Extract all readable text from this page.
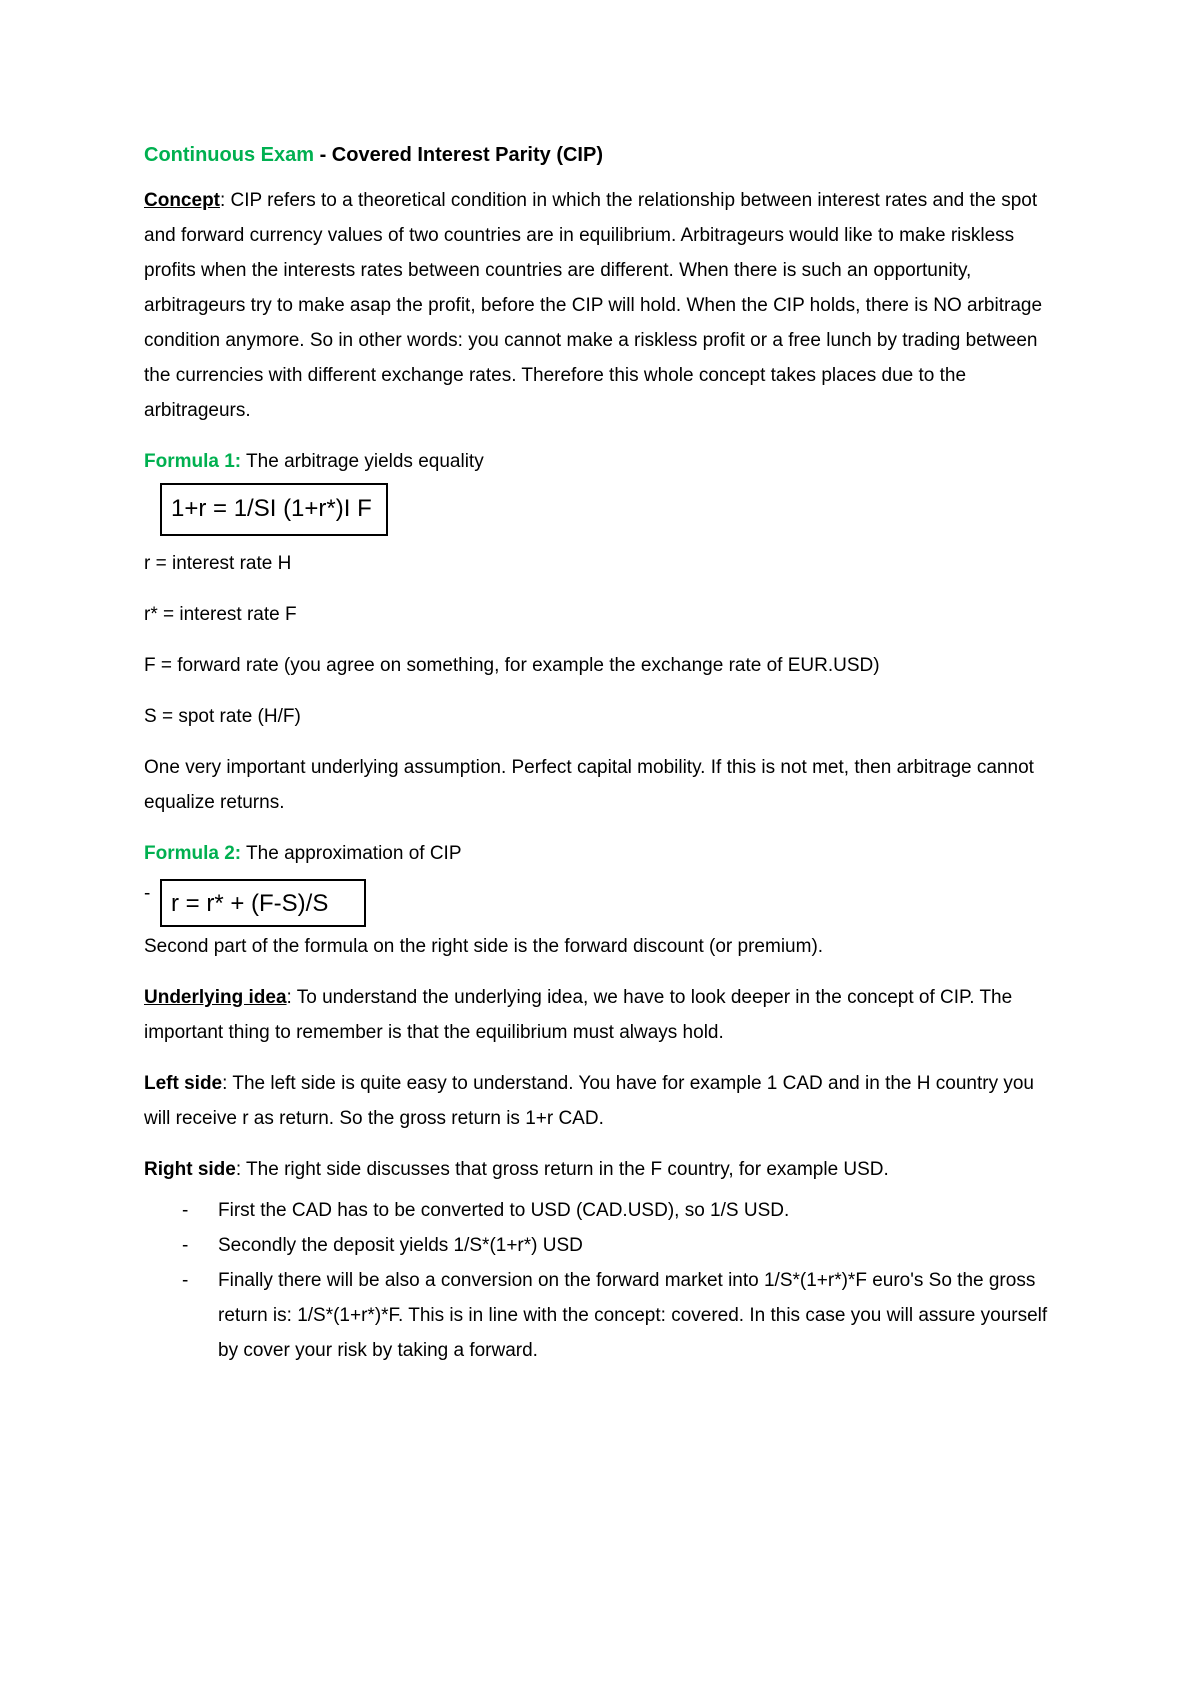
Continuous Exam - Covered Interest Parity (CIP)

Concept: CIP refers to a theoretical condition in which the relationship between interest rates and the spot and forward currency values of two countries are in equilibrium. Arbitrageurs would like to make riskless profits when the interests rates between countries are different. When there is such an opportunity, arbitrageurs try to make asap the profit, before the CIP will hold. When the CIP holds, there is NO arbitrage condition anymore. So in other words: you cannot make a riskless profit or a free lunch by trading between the currencies with different exchange rates. Therefore this whole concept takes places due to the arbitrageurs.

Formula 1: The arbitrage yields equality

1+r = 1/SΙ (1+r*)Ι F

r = interest rate H

r* = interest rate F

F = forward rate (you agree on something, for example the exchange rate of EUR.USD)

S = spot rate (H/F)

One very important underlying assumption. Perfect capital mobility. If this is not met, then arbitrage cannot equalize returns.

Formula 2: The approximation of CIP

- r = r* + (F-S)/S

Second part of the formula on the right side is the forward discount (or premium).

Underlying idea: To understand the underlying idea, we have to look deeper in the concept of CIP. The important thing to remember is that the equilibrium must always hold.

Left side: The left side is quite easy to understand. You have for example 1 CAD and in the H country you will receive r as return. So the gross return is 1+r CAD.

Right side: The right side discusses that gross return in the F country, for example USD.

- First the CAD has to be converted to USD (CAD.USD), so 1/S USD.
- Secondly the deposit yields 1/S*(1+r*) USD
- Finally there will be also a conversion on the forward market into 1/S*(1+r*)*F euro's So the gross return is: 1/S*(1+r*)*F. This is in line with the concept: covered. In this case you will assure yourself by cover your risk by taking a forward.
